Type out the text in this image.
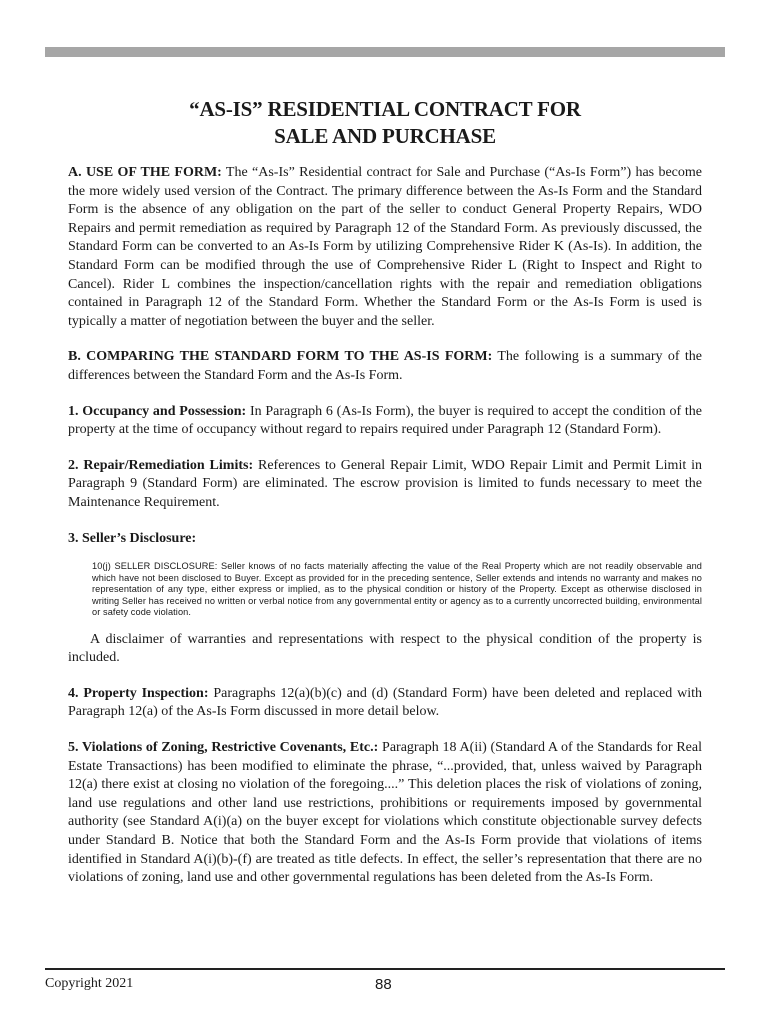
“AS-IS” RESIDENTIAL CONTRACT FOR
SALE AND PURCHASE

A. USE OF THE FORM: The “As-Is” Residential contract for Sale and Purchase (“As-Is Form”) has become the more widely used version of the Contract. The primary difference between the As-Is Form and the Standard Form is the absence of any obligation on the part of the seller to conduct General Property Repairs, WDO Repairs and permit remediation as required by Paragraph 12 of the Standard Form. As previously discussed, the Standard Form can be converted to an As-Is Form by utilizing Comprehensive Rider K (As-Is). In addition, the Standard Form can be modified through the use of Comprehensive Rider L (Right to Inspect and Right to Cancel). Rider L combines the inspection/cancellation rights with the repair and remediation obligations contained in Paragraph 12 of the Standard Form. Whether the Standard Form or the As-Is Form is used is typically a matter of negotiation between the buyer and the seller.

B. COMPARING THE STANDARD FORM TO THE AS-IS FORM: The following is a summary of the differences between the Standard Form and the As-Is Form.

1. Occupancy and Possession: In Paragraph 6 (As-Is Form), the buyer is required to accept the condition of the property at the time of occupancy without regard to repairs required under Paragraph 12 (Standard Form).

2. Repair/Remediation Limits: References to General Repair Limit, WDO Repair Limit and Permit Limit in Paragraph 9 (Standard Form) are eliminated. The escrow provision is limited to funds necessary to meet the Maintenance Requirement.

3. Seller’s Disclosure:

10(j) SELLER DISCLOSURE: Seller knows of no facts materially affecting the value of the Real Property which are not readily observable and which have not been disclosed to Buyer. Except as provided for in the preceding sentence, Seller extends and intends no warranty and makes no representation of any type, either express or implied, as to the physical condition or history of the Property. Except as otherwise disclosed in writing Seller has received no written or verbal notice from any governmental entity or agency as to a currently uncorrected building, environmental or safety code violation.

A disclaimer of warranties and representations with respect to the physical condition of the property is included.

4. Property Inspection: Paragraphs 12(a)(b)(c) and (d) (Standard Form) have been deleted and replaced with Paragraph 12(a) of the As-Is Form discussed in more detail below.

5. Violations of Zoning, Restrictive Covenants, Etc.: Paragraph 18 A(ii) (Standard A of the Standards for Real Estate Transactions) has been modified to eliminate the phrase, “...provided, that, unless waived by Paragraph 12(a) there exist at closing no violation of the foregoing....” This deletion places the risk of violations of zoning, land use regulations and other land use restrictions, prohibitions or requirements imposed by governmental authority (see Standard A(i)(a) on the buyer except for violations which constitute objectionable survey defects under Standard B. Notice that both the Standard Form and the As-Is Form provide that violations of items identified in Standard A(i)(b)-(f) are treated as title defects. In effect, the seller’s representation that there are no violations of zoning, land use and other governmental regulations has been deleted from the As-Is Form.

Copyright 2021	88
